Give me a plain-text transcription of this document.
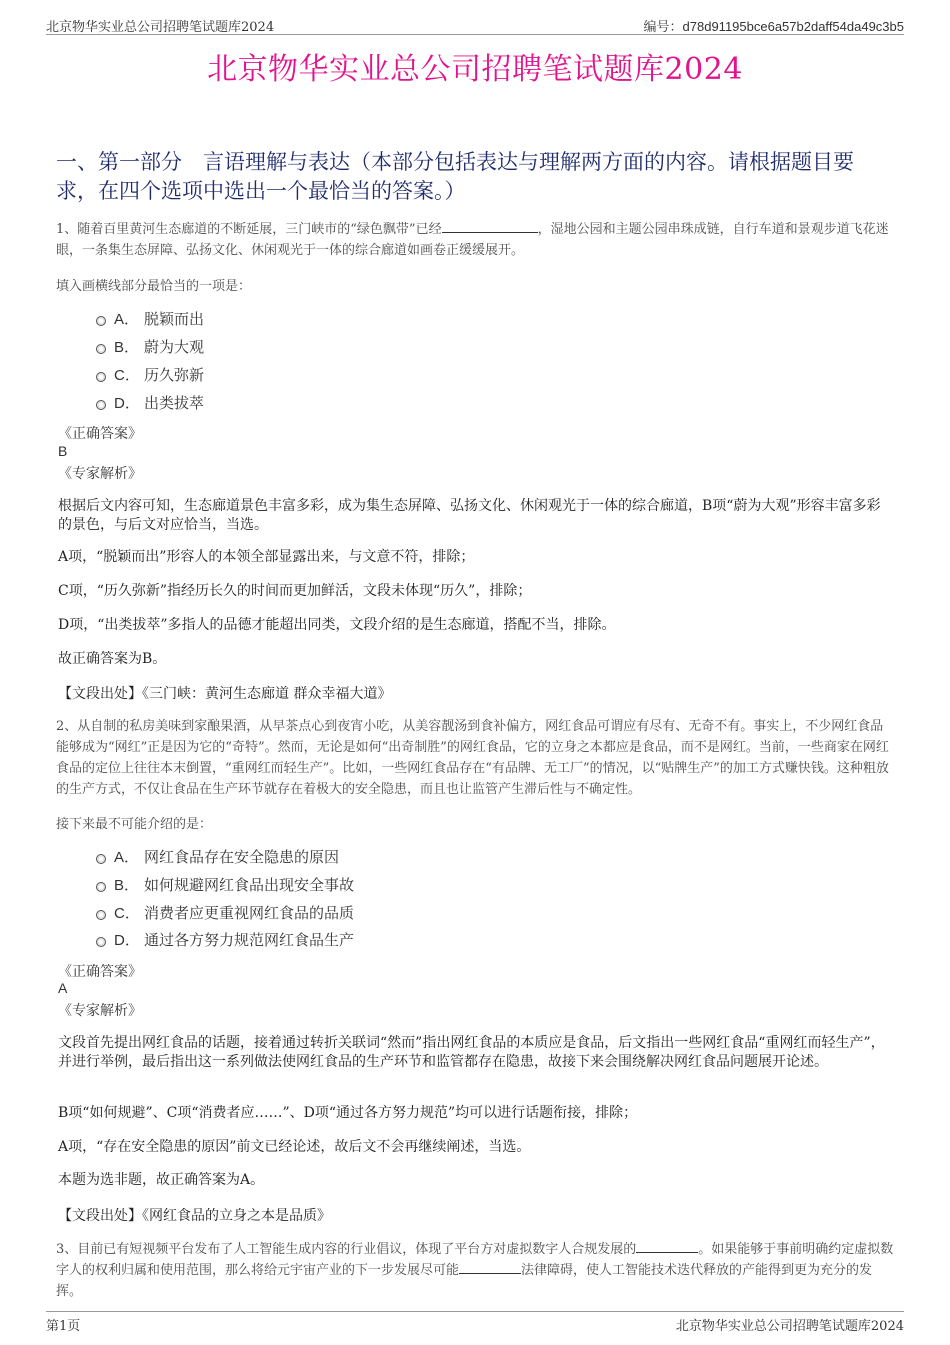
北京物华实业总公司招聘笔试题库2024	编号：d78d91195bce6a57b2daff54da49c3b5
北京物华实业总公司招聘笔试题库2024
一、第一部分　言语理解与表达（本部分包括表达与理解两方面的内容。请根据题目要求，在四个选项中选出一个最恰当的答案。）
1、随着百里黄河生态廊道的不断延展，三门峡市的“绿色飘带”已经	，湿地公园和主题公园串珠成链，自行车道和景观步道飞花迷眼，一条集生态屏障、弘扬文化、休闲观光于一体的综合廊道如画卷正缓缓展开。
填入画横线部分最恰当的一项是：
A． 脱颖而出
B． 蔚为大观
C． 历久弥新
D． 出类拔萃
《正确答案》
B
《专家解析》
根据后文内容可知，生态廊道景色丰富多彩，成为集生态屏障、弘扬文化、休闲观光于一体的综合廊道，B项“蔚为大观”形容丰富多彩的景色，与后文对应恰当，当选。
A项，“脱颖而出”形容人的本领全部显露出来，与文意不符，排除；
C项，“历久弥新”指经历长久的时间而更加鲜活，文段未体现“历久”，排除；
D项，“出类拔萃”多指人的品德才能超出同类，文段介绍的是生态廊道，搭配不当，排除。
故正确答案为B。
【文段出处】《三门峡：黄河生态廊道 群众幸福大道》
2、从自制的私房美味到家酿果酒，从早茶点心到夜宵小吃，从美容靓汤到食补偏方，网红食品可谓应有尽有、无奇不有。事实上，不少网红食品能够成为“网红”正是因为它的“奇特”。然而，无论是如何“出奇制胜”的网红食品，它的立身之本都应是食品，而不是网红。当前，一些商家在网红食品的定位上往往本末倒置，“重网红而轻生产”。比如，一些网红食品存在“有品牌、无工厂”的情况，以“贴牌生产”的加工方式赚快钱。这种粗放的生产方式，不仅让食品在生产环节就存在着极大的安全隐患，而且也让监管产生滞后性与不确定性。
接下来最不可能介绍的是：
A． 网红食品存在安全隐患的原因
B． 如何规避网红食品出现安全事故
C． 消费者应更重视网红食品的品质
D． 通过各方努力规范网红食品生产
《正确答案》
A
《专家解析》
文段首先提出网红食品的话题，接着通过转折关联词“然而”指出网红食品的本质应是食品，后文指出一些网红食品“重网红而轻生产”，并进行举例，最后指出这一系列做法使网红食品的生产环节和监管都存在隐患，故接下来会围绕解决网红食品问题展开论述。
B项“如何规避”、C项“消费者应……”、D项“通过各方努力规范”均可以进行话题衔接，排除；
A项，“存在安全隐患的原因”前文已经论述，故后文不会再继续阐述，当选。
本题为选非题，故正确答案为A。
【文段出处】《网红食品的立身之本是品质》
3、目前已有短视频平台发布了人工智能生成内容的行业倡议，体现了平台方对虚拟数字人合规发展的	。如果能够于事前明确约定虚拟数字人的权利归属和使用范围，那么将给元宇宙产业的下一步发展尽可能	法律障碍，使人工智能技术迭代释放的产能得到更为充分的发挥。
第1页	北京物华实业总公司招聘笔试题库2024
